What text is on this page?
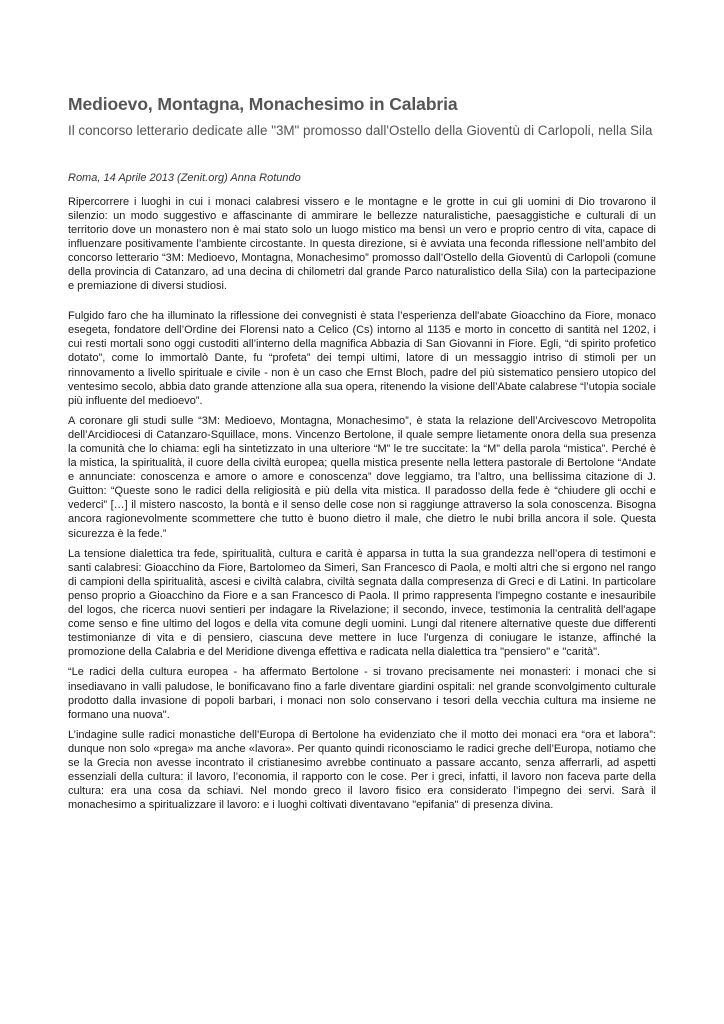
Medioevo, Montagna, Monachesimo in Calabria

Il concorso letterario dedicate alle "3M" promosso dall'Ostello della Gioventù di Carlopoli, nella Sila

Roma, 14 Aprile 2013 (Zenit.org) Anna Rotundo

Ripercorrere i luoghi in cui i monaci calabresi vissero e le montagne e le grotte in cui gli uomini di Dio trovarono il silenzio: un modo suggestivo e affascinante di ammirare le bellezze naturalistiche, paesaggistiche e culturali di un territorio dove un monastero non è mai stato solo un luogo mistico ma bensì un vero e proprio centro di vita, capace di influenzare positivamente l’ambiente circostante. In questa direzione, si è avviata una feconda riflessione nell’ambito del concorso letterario “3M: Medioevo, Montagna, Monachesimo” promosso dall’Ostello della Gioventù di Carlopoli (comune della provincia di Catanzaro, ad una decina di chilometri dal grande Parco naturalistico della Sila) con la partecipazione e premiazione di diversi studiosi.

Fulgido faro che ha illuminato la riflessione dei convegnisti è stata l’esperienza dell'abate Gioacchino da Fiore, monaco esegeta, fondatore dell’Ordine dei Florensi nato a Celico (Cs) intorno al 1135 e morto in concetto di santità nel 1202, i cui resti mortali sono oggi custoditi all’interno della magnifica Abbazia di San Giovanni in Fiore. Egli, “di spirito profetico dotato”, come lo immortalò Dante, fu “profeta” dei tempi ultimi, latore di un messaggio intriso di stimoli per un rinnovamento a livello spirituale e civile - non è un caso che Ernst Bloch, padre del più sistematico pensiero utopico del ventesimo secolo, abbia dato grande attenzione alla sua opera, ritenendo la visione dell’Abate calabrese “l’utopia sociale più influente del medioevo”.

A coronare gli studi sulle “3M: Medioevo, Montagna, Monachesimo”, è stata la relazione dell’Arcivescovo Metropolita dell’Arcidiocesi di Catanzaro-Squillace, mons. Vincenzo Bertolone, il quale sempre lietamente onora della sua presenza la comunità che lo chiama: egli ha sintetizzato in una ulteriore “M” le tre succitate: la “M” della parola “mistica”. Perché è la mistica, la spiritualità, il cuore della civiltà europea; quella mistica presente nella lettera pastorale di Bertolone “Andate e annunciate: conoscenza e amore o amore e conoscenza” dove leggiamo, tra l’altro, una bellissima citazione di J. Guitton: “Queste sono le radici della religiosità e più della vita mistica. Il paradosso della fede è “chiudere gli occhi e vederci” […] il mistero nascosto, la bontà e il senso delle cose non si raggiunge attraverso la sola conoscenza. Bisogna ancora ragionevolmente scommettere che tutto è buono dietro il male, che dietro le nubi brilla ancora il sole. Questa sicurezza è la fede.”

La tensione dialettica tra fede, spiritualità, cultura e carità è apparsa in tutta la sua grandezza nell’opera di testimoni e santi calabresi: Gioacchino da Fiore, Bartolomeo da Simeri, San Francesco di Paola, e molti altri che si ergono nel rango di campioni della spiritualità, ascesi e civiltà calabra, civiltà segnata dalla compresenza di Greci e di Latini. In particolare penso proprio a Gioacchino da Fiore e a san Francesco di Paola. Il primo rappresenta l'impegno costante e inesauribile del logos, che ricerca nuovi sentieri per indagare la Rivelazione; il secondo, invece, testimonia la centralità dell'agape come senso e fine ultimo del logos e della vita comune degli uomini. Lungi dal ritenere alternative queste due differenti testimonianze di vita e di pensiero, ciascuna deve mettere in luce l'urgenza di coniugare le istanze, affinché la promozione della Calabria e del Meridione divenga effettiva e radicata nella dialettica tra "pensiero" e "carità".

“Le radici della cultura europea - ha affermato Bertolone - si trovano precisamente nei monasteri: i monaci che si insediavano in valli paludose, le bonificavano fino a farle diventare giardini ospitali: nel grande sconvolgimento culturale prodotto dalla invasione di popoli barbari, i monaci non solo conservano i tesori della vecchia cultura ma insieme ne formano una nuova".

L’indagine sulle radici monastiche dell’Europa di Bertolone ha evidenziato che il motto dei monaci era “ora et labora”: dunque non solo «prega» ma anche «lavora». Per quanto quindi riconosciamo le radici greche dell’Europa, notiamo che se la Grecia non avesse incontrato il cristianesimo avrebbe continuato a passare accanto, senza afferrarli, ad aspetti essenziali della cultura: il lavoro, l’economia, il rapporto con le cose. Per i greci, infatti, il lavoro non faceva parte della cultura: era una cosa da schiavi. Nel mondo greco il lavoro fisico era considerato l’impegno dei servi. Sarà il monachesimo a spiritualizzare il lavoro: e i luoghi coltivati diventavano "epifania" di presenza divina.
